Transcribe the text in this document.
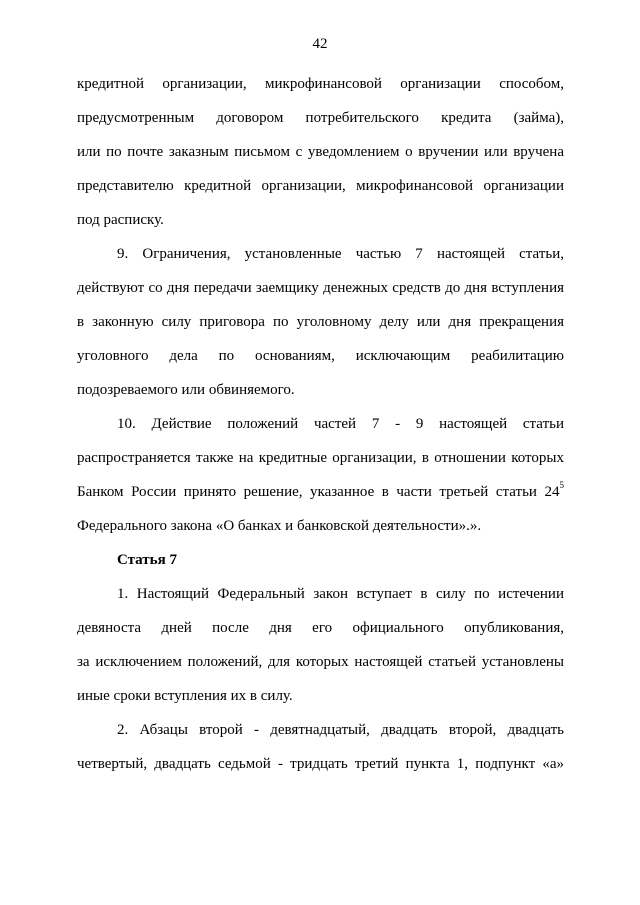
42
кредитной организации, микрофинансовой организации способом,
предусмотренным договором потребительского кредита (займа),
или по почте заказным письмом с уведомлением о вручении или вручена
представителю кредитной организации, микрофинансовой организации
под расписку.
9. Ограничения, установленные частью 7 настоящей статьи,
действуют со дня передачи заемщику денежных средств до дня вступления
в законную силу приговора по уголовному делу или дня прекращения
уголовного дела по основаниям, исключающим реабилитацию
подозреваемого или обвиняемого.
10. Действие положений частей 7 - 9 настоящей статьи
распространяется также на кредитные организации, в отношении которых
Банком России принято решение, указанное в части третьей статьи $24^5$
Федерального закона «О банках и банковской деятельности».».
Статья 7
1. Настоящий Федеральный закон вступает в силу по истечении
девяноста дней после дня его официального опубликования,
за исключением положений, для которых настоящей статьей установлены
иные сроки вступления их в силу.
2. Абзацы второй - девятнадцатый, двадцать второй, двадцать
четвертый, двадцать седьмой - тридцать третий пункта 1, подпункт «а»
